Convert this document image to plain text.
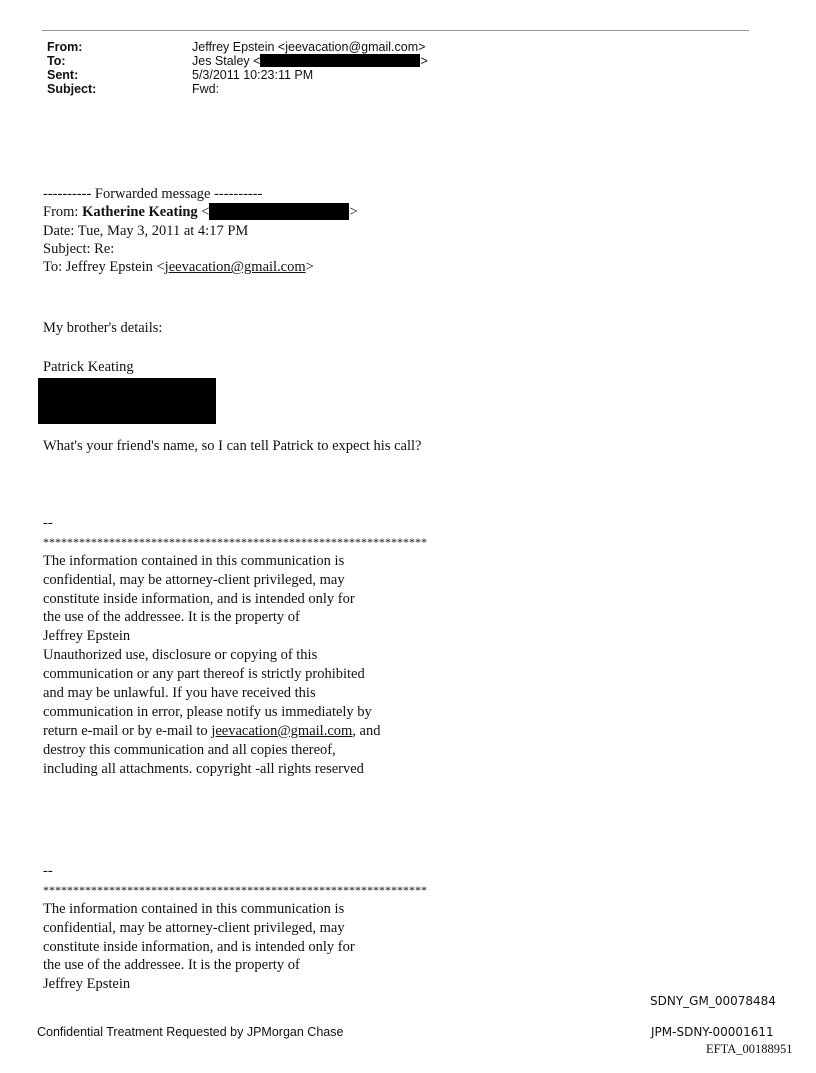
From:	Jeffrey Epstein <jeevacation@gmail.com>
To:	Jes Staley <	>
Sent:	5/3/2011 10:23:11 PM
Subject:	Fwd:
---------- Forwarded message ----------
From: Katherine Keating <	>
Date: Tue, May 3, 2011 at 4:17 PM
Subject: Re:
To: Jeffrey Epstein <jeevacation@gmail.com>
My brother's details:
Patrick Keating
What's your friend's name, so I can tell Patrick to expect his call?
--
****************************************************************
The information contained in this communication is
confidential, may be attorney-client privileged, may
constitute inside information, and is intended only for
the use of the addressee. It is the property of
Jeffrey Epstein
Unauthorized use, disclosure or copying of this
communication or any part thereof is strictly prohibited
and may be unlawful. If you have received this
communication in error, please notify us immediately by
return e-mail or by e-mail to jeevacation@gmail.com, and
destroy this communication and all copies thereof,
including all attachments. copyright -all rights reserved
--
****************************************************************
The information contained in this communication is
confidential, may be attorney-client privileged, may
constitute inside information, and is intended only for
the use of the addressee. It is the property of
Jeffrey Epstein
SDNY_GM_00078484
Confidential Treatment Requested by JPMorgan Chase	JPM-SDNY-00001611
EFTA_00188951
